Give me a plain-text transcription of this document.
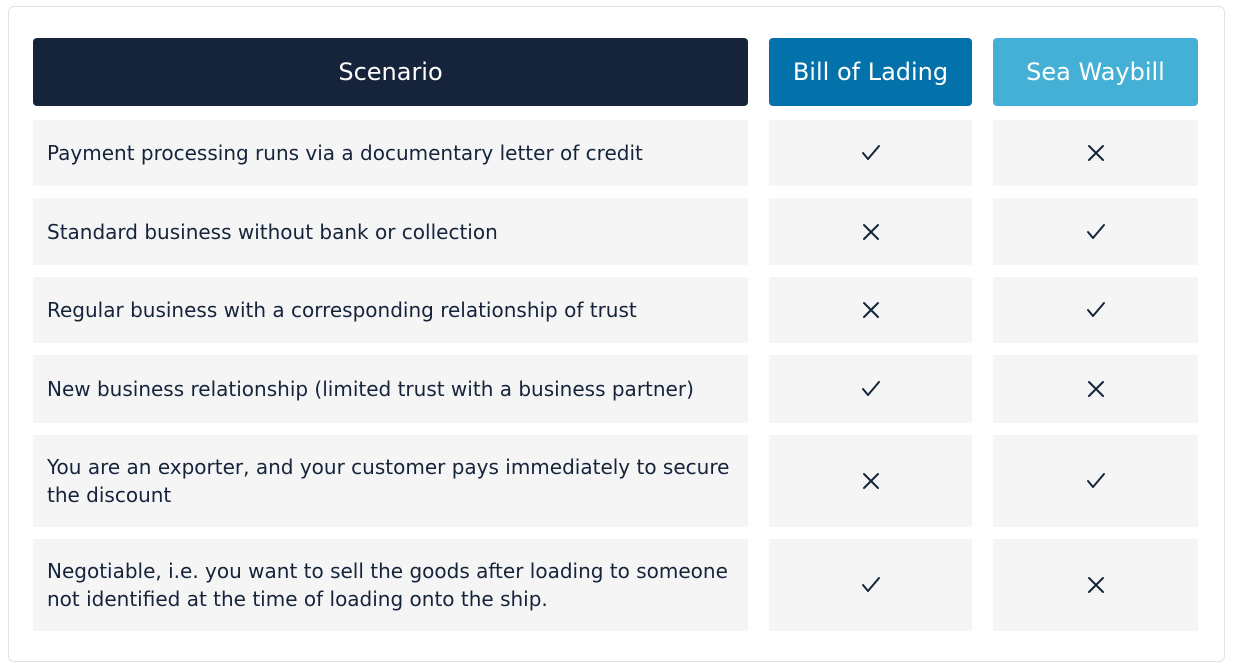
Scenario	Bill of Lading	Sea Waybill
Payment processing runs via a documentary letter of credit
Standard business without bank or collection
Regular business with a corresponding relationship of trust
New business relationship (limited trust with a business partner)
You are an exporter, and your customer pays immediately to secure the discount
Negotiable, i.e. you want to sell the goods after loading to someone not identified at the time of loading onto the ship.
